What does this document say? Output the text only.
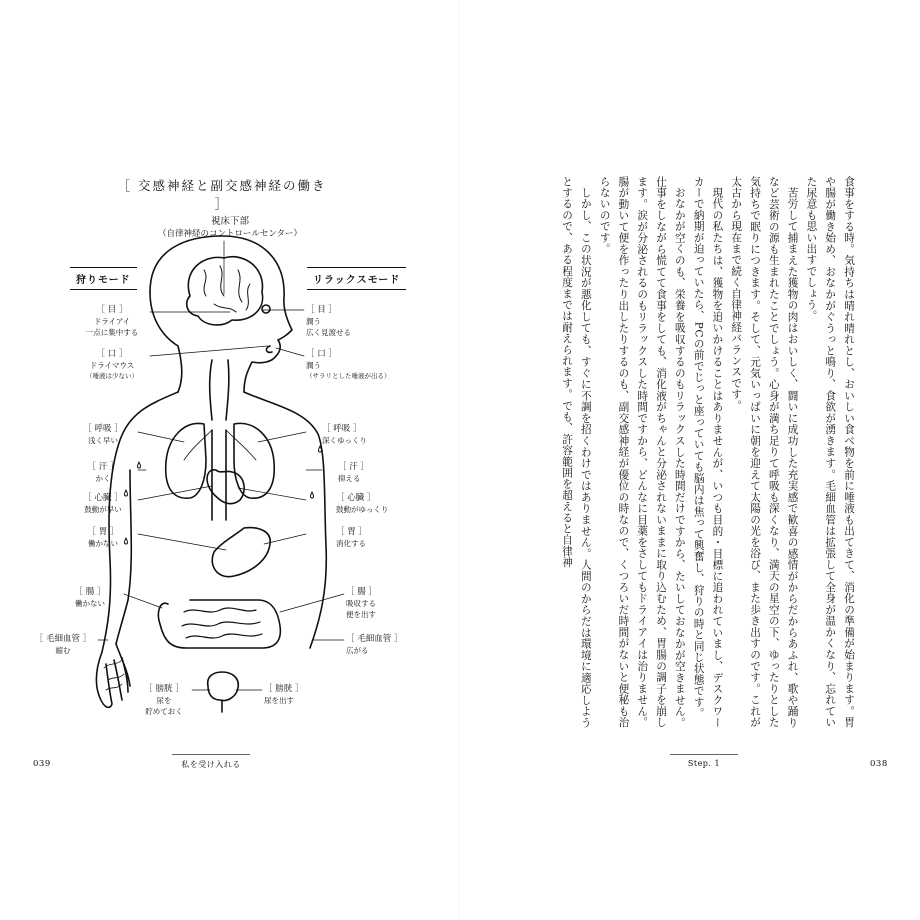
［ 交感神経と副交感神経の働き ］
視床下部
（自律神経のコントロールセンター）
狩りモード	リラックスモード
［ 目 ］
ドライアイ
一点に集中する
［ 口 ］
ドライマウス
（唾液は少ない）
［ 呼吸 ］
浅く早い
［ 汗 ］
かく
［ 心臓 ］
鼓動が早い
［ 胃 ］
働かない
［ 腸 ］
働かない
［ 毛細血管 ］
縮む
［ 膀胱 ］
尿を
貯めておく
［ 目 ］
潤う
広く見渡せる
［ 口 ］
潤う
（サラリとした唾液が出る）
［ 呼吸 ］
深くゆっくり
［ 汗 ］
抑える
［ 心臓 ］
鼓動がゆっくり
［ 胃 ］
消化する
［ 腸 ］
吸収する
便を出す
［ 毛細血管 ］
広がる
［ 膀胱 ］
尿を出す
039	私を受け入れる

食事をする時。気持ちは晴れ晴れとし、おいしい食べ物を前に唾液も出てきて、消化の準備が始まります。胃や腸が働き始め、おなかがぐうっと鳴り、食欲が湧きます。毛細血管は拡張して全身が温かくなり、忘れていた尿意も思い出すでしょう。

苦労して捕まえた獲物の肉はおいしく、闘いに成功した充実感で歓喜の感情がからだからあふれ、歌や踊りなど芸術の源も生まれたことでしょう。心身が満ち足りて呼吸も深くなり、満天の星空の下、ゆったりとした気持ちで眠りにつきます。そして、元気いっぱいに朝を迎えて太陽の光を浴び、また歩き出すのです。これが太古から現在まで続く自律神経バランスです。

現代の私たちは、獲物を追いかけることはありませんが、いつも目的・目標に追われていまし、デスクワーカーで納期が迫っていたら、PCの前でじっと座っていても脳内は焦って興奮し、狩りの時と同じ状態です。

おなかが空くのも、栄養を吸収するのもリラックスした時間だけですから、たいしておなかが空きません。仕事をしながら慌てて食事をしても、消化液がちゃんと分泌されないままに取り込むため、胃腸の調子を崩します。涙が分泌されるのもリラックスした時間ですから、どんなに目薬をさしてもドライアイは治りません。腸が動いて便を作ったり出したりするのも、副交感神経が優位の時なので、くつろいだ時間がないと便秘も治らないのです。

しかし、この状況が悪化しても、すぐに不調を招くわけではありません。人間のからだは環境に適応しようとするので、ある程度までは耐えられます。でも、許容範囲を超えると自律神

Step. 1	038
